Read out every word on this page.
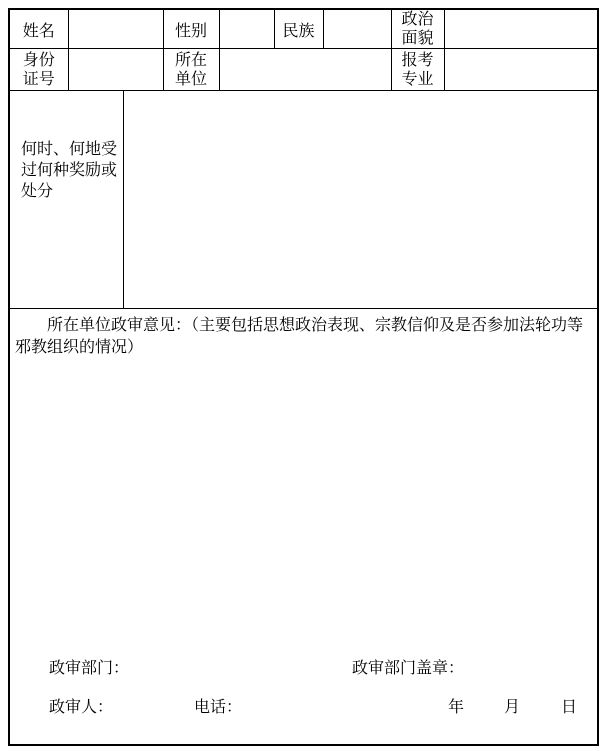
姓名			性别		民族		政治面貌	

身份证号			所在单位				报考专业	

何时、何地受过何种奖励或处分								

所在单位政审意见：（主要包括思想政治表现、宗教信仰及是否参加法轮功等邪教组织的情况）
政审部门：	政审部门盖章：
政审人：	电话：	年 月	日
